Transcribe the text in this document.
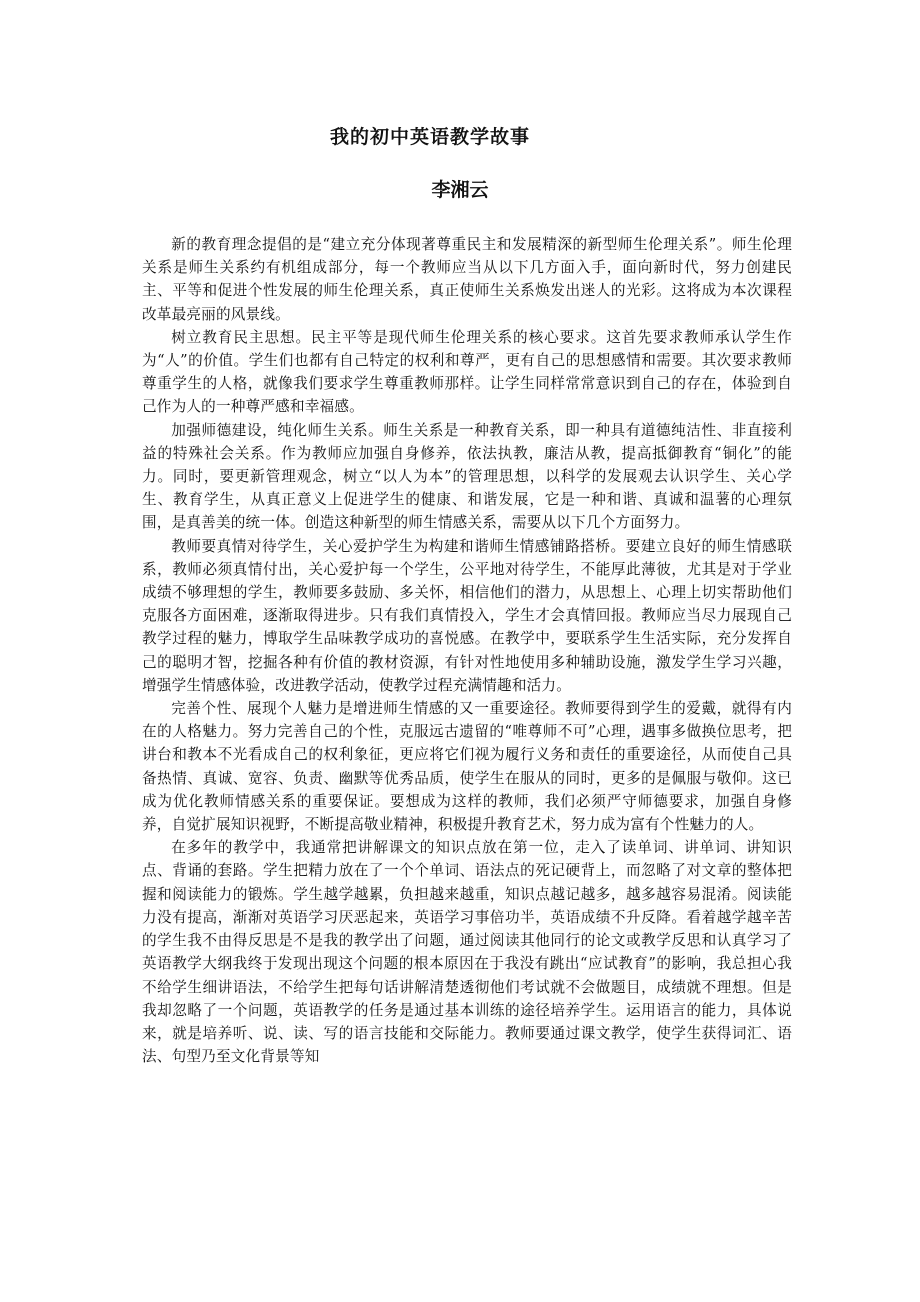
我的初中英语教学故事
李湘云

新的教育理念提倡的是“建立充分体现著尊重民主和发展精深的新型师生伦理关系”。师生伦理关系是师生关系约有机组成部分，每一个教师应当从以下几方面入手，面向新时代，努力创建民主、平等和促进个性发展的师生伦理关系，真正使师生关系焕发出迷人的光彩。这将成为本次课程改革最亮丽的风景线。

树立教育民主思想。民主平等是现代师生伦理关系的核心要求。这首先要求教师承认学生作为“人”的价值。学生们也都有自己特定的权利和尊严，更有自己的思想感情和需要。其次要求教师尊重学生的人格，就像我们要求学生尊重教师那样。让学生同样常常意识到自己的存在，体验到自己作为人的一种尊严感和幸福感。

加强师德建设，纯化师生关系。师生关系是一种教育关系，即一种具有道德纯洁性、非直接利益的特殊社会关系。作为教师应加强自身修养，依法执教，廉洁从教，提高抵御教育“铜化”的能力。同时，要更新管理观念，树立“以人为本”的管理思想，以科学的发展观去认识学生、关心学生、教育学生，从真正意义上促进学生的健康、和谐发展，它是一种和谐、真诚和温薯的心理氛围，是真善美的统一体。创造这种新型的师生情感关系，需要从以下几个方面努力。

教师要真情对待学生，关心爱护学生为构建和谐师生情感铺路搭桥。要建立良好的师生情感联系，教师必须真情付出，关心爱护每一个学生，公平地对待学生，不能厚此薄彼，尤其是对于学业成绩不够理想的学生，教师要多鼓励、多关怀，相信他们的潜力，从思想上、心理上切实帮助他们克服各方面困难，逐渐取得进步。只有我们真情投入，学生才会真情回报。教师应当尽力展现自己教学过程的魅力，博取学生品味教学成功的喜悦感。在教学中，要联系学生生活实际，充分发挥自己的聪明才智，挖掘各种有价值的教材资源，有针对性地使用多种辅助设施，激发学生学习兴趣，增强学生情感体验，改进教学活动，使教学过程充满情趣和活力。

完善个性、展现个人魅力是增进师生情感的又一重要途径。教师要得到学生的爱戴，就得有内在的人格魅力。努力完善自己的个性，克服远古遗留的“唯尊师不可”心理，遇事多做换位思考，把讲台和教本不光看成自己的权利象征，更应将它们视为履行义务和责任的重要途径，从而使自己具备热情、真诚、宽容、负责、幽默等优秀品质，使学生在服从的同时，更多的是佩服与敬仰。这已成为优化教师情感关系的重要保证。要想成为这样的教师，我们必须严守师德要求，加强自身修养，自觉扩展知识视野，不断提高敬业精神，积极提升教育艺术，努力成为富有个性魅力的人。

在多年的教学中，我通常把讲解课文的知识点放在第一位，走入了读单词、讲单词、讲知识点、背诵的套路。学生把精力放在了一个个单词、语法点的死记硬背上，而忽略了对文章的整体把握和阅读能力的锻炼。学生越学越累，负担越来越重，知识点越记越多，越多越容易混淆。阅读能力没有提高，渐渐对英语学习厌恶起来，英语学习事倍功半，英语成绩不升反降。看着越学越辛苦的学生我不由得反思是不是我的教学出了问题，通过阅读其他同行的论文或教学反思和认真学习了英语教学大纲我终于发现出现这个问题的根本原因在于我没有跳出“应试教育”的影响，我总担心我不给学生细讲语法，不给学生把每句话讲解清楚透彻他们考试就不会做题目，成绩就不理想。但是我却忽略了一个问题，英语教学的任务是通过基本训练的途径培养学生。运用语言的能力，具体说来，就是培养听、说、读、写的语言技能和交际能力。教师要通过课文教学，使学生获得词汇、语法、句型乃至文化背景等知
